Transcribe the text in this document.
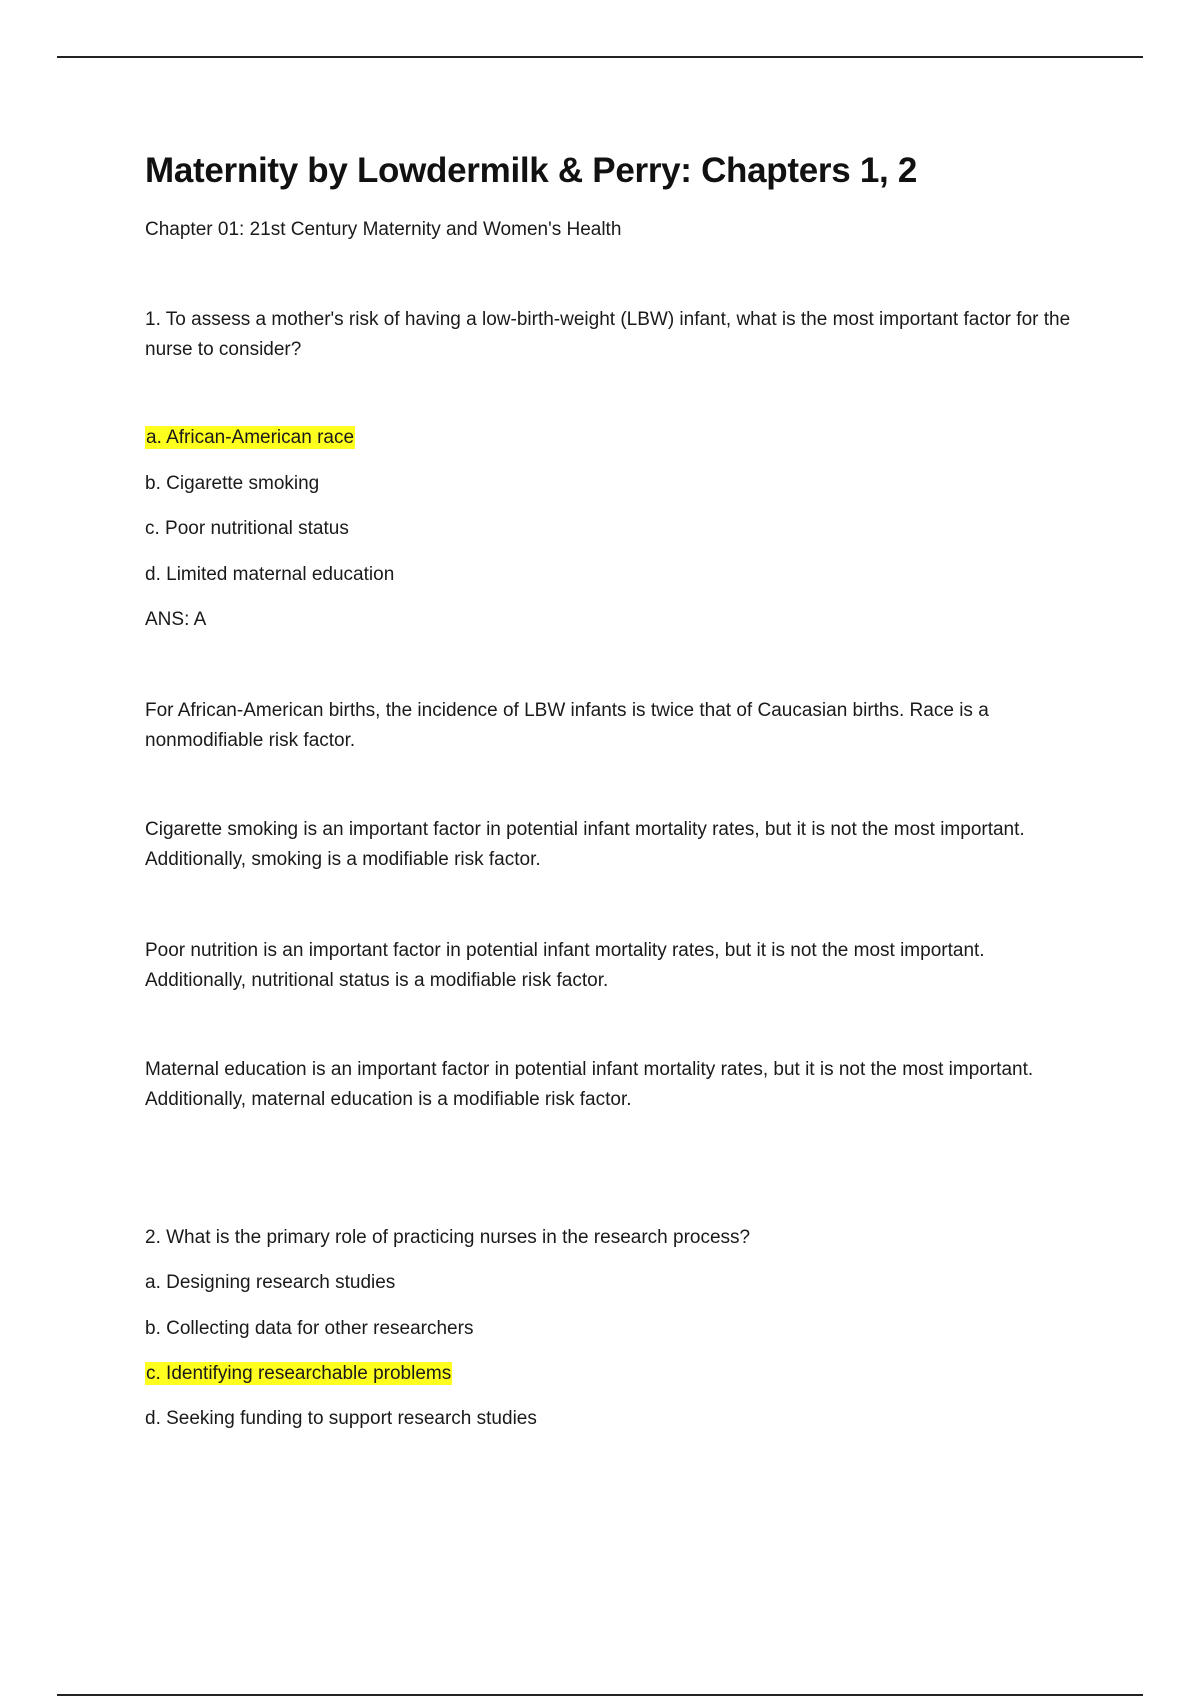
Maternity by Lowdermilk & Perry: Chapters 1, 2
Chapter 01: 21st Century Maternity and Women's Health
1. To assess a mother's risk of having a low-birth-weight (LBW) infant, what is the most important factor for the nurse to consider?
a. African-American race
b. Cigarette smoking
c. Poor nutritional status
d. Limited maternal education
ANS: A
For African-American births, the incidence of LBW infants is twice that of Caucasian births. Race is a nonmodifiable risk factor.
Cigarette smoking is an important factor in potential infant mortality rates, but it is not the most important. Additionally, smoking is a modifiable risk factor.
Poor nutrition is an important factor in potential infant mortality rates, but it is not the most important. Additionally, nutritional status is a modifiable risk factor.
Maternal education is an important factor in potential infant mortality rates, but it is not the most important. Additionally, maternal education is a modifiable risk factor.
2. What is the primary role of practicing nurses in the research process?
a. Designing research studies
b. Collecting data for other researchers
c. Identifying researchable problems
d. Seeking funding to support research studies
